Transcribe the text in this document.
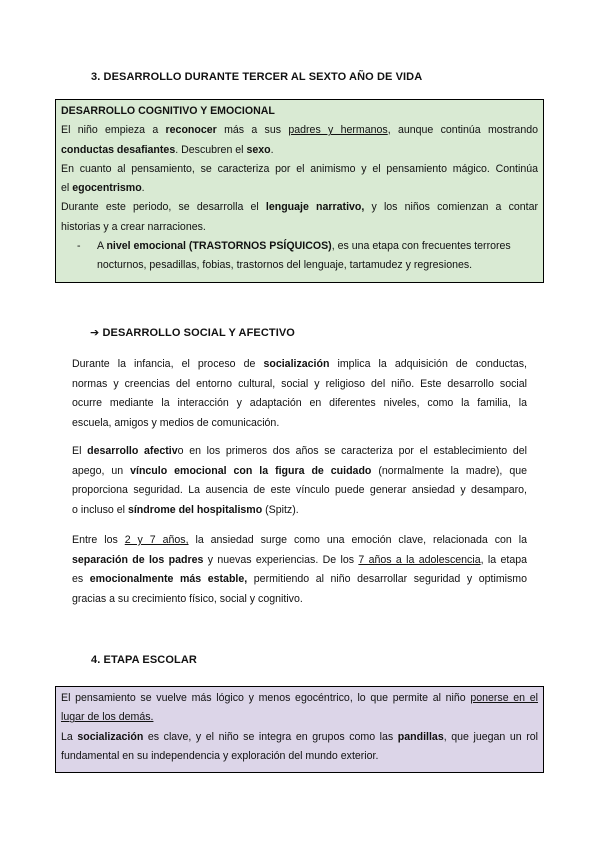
3. DESARROLLO DURANTE TERCER AL SEXTO AÑO DE VIDA
DESARROLLO COGNITIVO Y EMOCIONAL
El niño empieza a reconocer más a sus padres y hermanos, aunque continúa mostrando
conductas desafiantes. Descubren el sexo.
En cuanto al pensamiento, se caracteriza por el animismo y el pensamiento mágico. Continúa
el egocentrismo.
Durante este periodo, se desarrolla el lenguaje narrativo, y los niños comienzan a contar
historias y a crear narraciones.
- A nivel emocional (TRASTORNOS PSÍQUICOS), es una etapa con frecuentes terrores
nocturnos, pesadillas, fobias, trastornos del lenguaje, tartamudez y regresiones.
➔ DESARROLLO SOCIAL Y AFECTIVO
Durante la infancia, el proceso de socialización implica la adquisición de conductas,
normas y creencias del entorno cultural, social y religioso del niño. Este desarrollo social
ocurre mediante la interacción y adaptación en diferentes niveles, como la familia, la
escuela, amigos y medios de comunicación.
El desarrollo afectivo en los primeros dos años se caracteriza por el establecimiento del
apego, un vínculo emocional con la figura de cuidado (normalmente la madre), que
proporciona seguridad. La ausencia de este vínculo puede generar ansiedad y desamparo,
o incluso el síndrome del hospitalismo (Spitz).
Entre los 2 y 7 años, la ansiedad surge como una emoción clave, relacionada con la
separación de los padres y nuevas experiencias. De los 7 años a la adolescencia, la etapa
es emocionalmente más estable, permitiendo al niño desarrollar seguridad y optimismo
gracias a su crecimiento físico, social y cognitivo.
4. ETAPA ESCOLAR
El pensamiento se vuelve más lógico y menos egocéntrico, lo que permite al niño ponerse en el
lugar de los demás.
La socialización es clave, y el niño se integra en grupos como las pandillas, que juegan un rol
fundamental en su independencia y exploración del mundo exterior.
